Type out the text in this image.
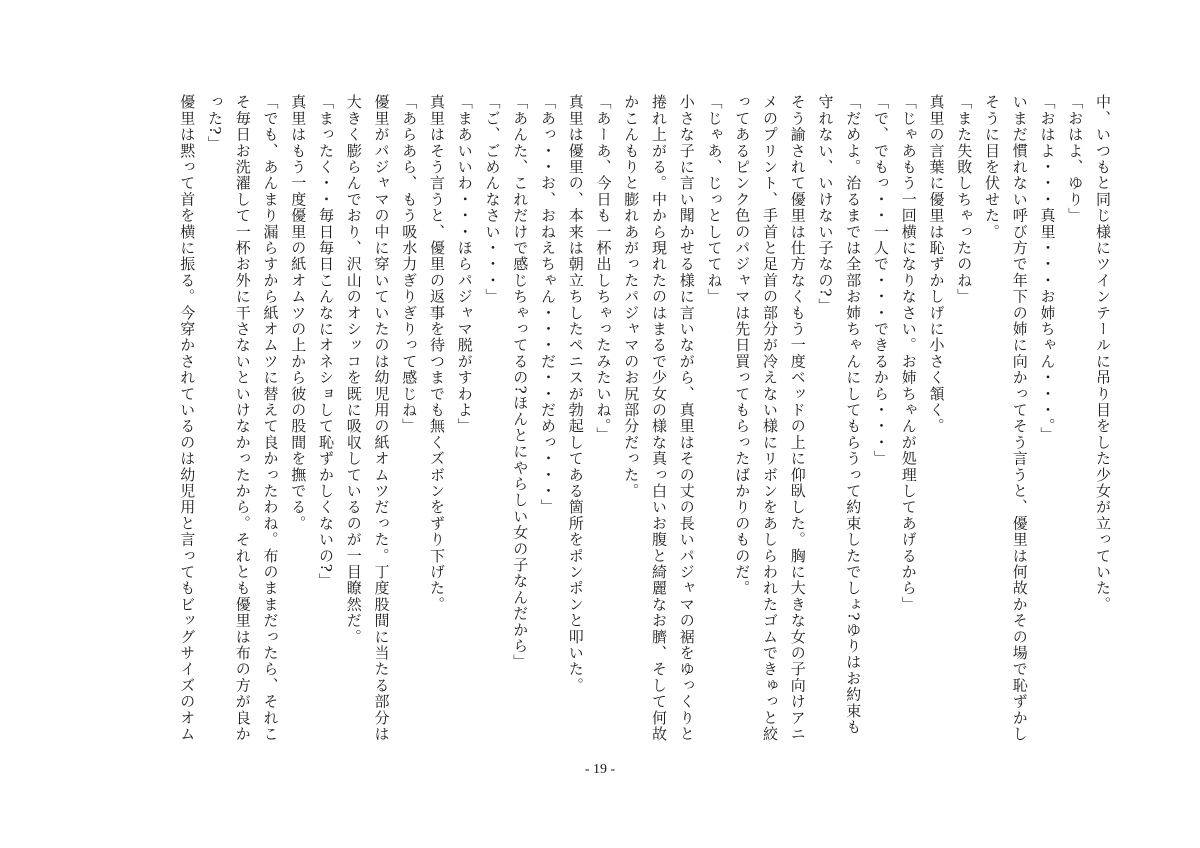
中、いつもと同じ様にツインテールに吊り目をした少女が立っていた。
「おはよ、ゆり」
「おはよ・・・真里・・・お姉ちゃん・・・。」
いまだ慣れない呼び方で年下の姉に向かってそう言うと、優里は何故かその場で恥ずかし
そうに目を伏せた。
「また失敗しちゃったのね」
真里の言葉に優里は恥ずかしげに小さく頷く。
「じゃあもう一回横になりなさい。お姉ちゃんが処理してあげるから」
「で、でもっ・・一人で・・・できるから・・・」
「だめよ。治るまでは全部お姉ちゃんにしてもらうって約束したでしょ?ゆりはお約束も
守れない、いけない子なの?」
そう諭されて優里は仕方なくもう一度ベッドの上に仰臥した。胸に大きな女の子向けアニ
メのプリント、手首と足首の部分が冷えない様にリボンをあしらわれたゴムできゅっと絞
ってあるピンク色のパジャマは先日買ってもらったばかりのものだ。
「じゃあ、じっとしててね」
小さな子に言い聞かせる様に言いながら、真里はその丈の長いパジャマの裾をゆっくりと
捲れ上がる。中から現れたのはまるで少女の様な真っ白いお腹と綺麗なお臍、そして何故
かこんもりと膨れあがったパジャマのお尻部分だった。
「あーあ、今日も一杯出しちゃったみたいね。」
真里は優里の、本来は朝立ちしたペニスが勃起してある箇所をポンポンと叩いた。
「あっ・・お、おねえちゃん・・・だ・・だめっ・・・」
「あんた、これだけで感じちゃってるの?ほんとにやらしい女の子なんだから」
「ご、ごめんなさい・・・」
「まあいいわ・・・ほらパジャマ脱がすわよ」
真里はそう言うと、優里の返事を待つまでも無くズボンをずり下げた。
「あらあら、もう吸水力ぎりぎりって感じね」
優里がパジャマの中に穿いていたのは幼児用の紙オムツだった。丁度股間に当たる部分は
大きく膨らんでおり、沢山のオシッコを既に吸収しているのが一目瞭然だ。
「まったく・・毎日毎日こんなにオネショして恥ずかしくないの?」
真里はもう一度優里の紙オムツの上から彼の股間を撫でる。
「でも、あんまり漏らすから紙オムツに替えて良かったわね。布のままだったら、それこ
そ毎日お洗濯して一杯お外に干さないといけなかったから。それとも優里は布の方が良か
った?」
優里は黙って首を横に振る。今穿かされているのは幼児用と言ってもビッグサイズのオム
- 19 -
